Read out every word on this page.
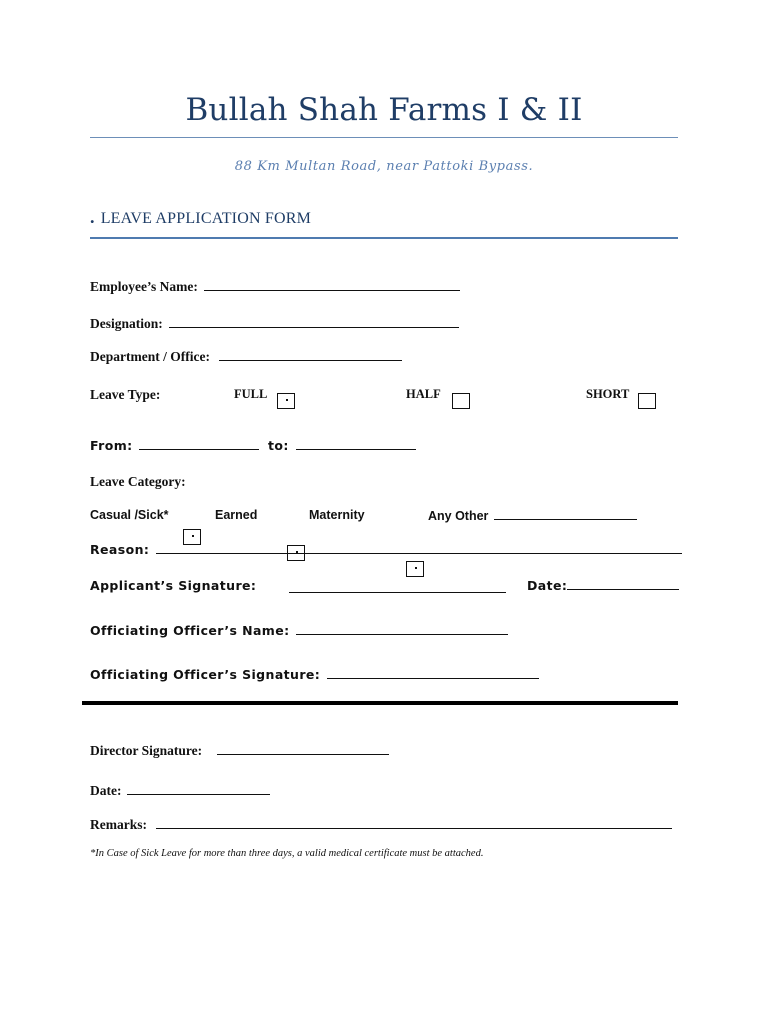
Bullah Shah Farms I & II
88 Km Multan Road, near Pattoki Bypass.
. LEAVE APPLICATION FORM
Employee’s Name:
Designation:
Department / Office:
Leave Type:	FULL	HALF	SHORT
From:	to:
Leave Category:
Casual /Sick*	Earned	Maternity	Any Other
Reason:
Applicant’s Signature:	Date:
Officiating Officer’s Name:
Officiating Officer’s Signature:
Director Signature:
Date:
Remarks:
*In Case of Sick Leave for more than three days, a valid medical certificate must be attached.
